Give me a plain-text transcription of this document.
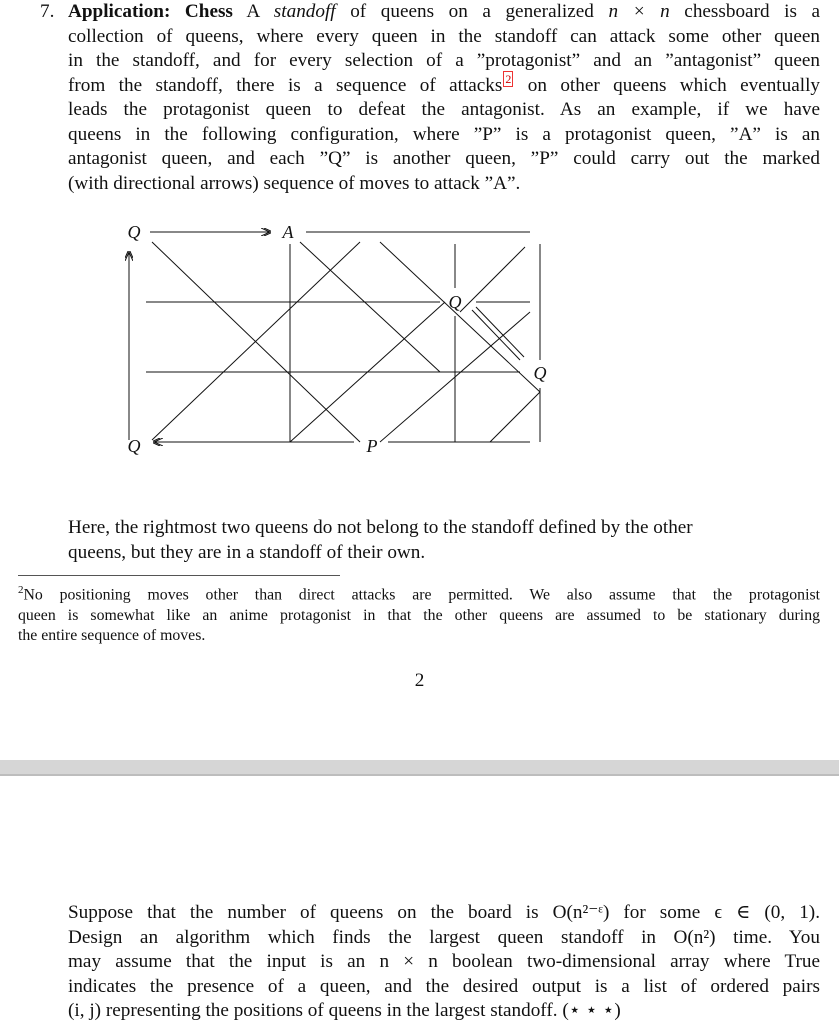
7. Application: Chess A standoff of queens on a generalized n × n chessboard is a
collection of queens, where every queen in the standoff can attack some other queen
in the standoff, and for every selection of a ”protagonist” and an ”antagonist” queen
from the standoff, there is a sequence of attacks $^2$ on other queens which eventually
leads the protagonist queen to defeat the antagonist. As an example, if we have
queens in the following configuration, where ”P” is a protagonist queen, ”A” is an
antagonist queen, and each ”Q” is another queen, ”P” could carry out the marked
(with directional arrows) sequence of moves to attack ”A”.
Q	A
Q
Q
Q	P
Here, the rightmost two queens do not belong to the standoff defined by the other
queens, but they are in a standoff of their own.
$^2$No positioning moves other than direct attacks are permitted. We also assume that the protagonist
queen is somewhat like an anime protagonist in that the other queens are assumed to be stationary during
the entire sequence of moves.
2
Suppose that the number of queens on the board is O(n²⁻ᵋ) for some ϵ ∈ (0, 1).
Design an algorithm which finds the largest queen standoff in O(n²) time. You
may assume that the input is an n × n boolean two-dimensional array where True
indicates the presence of a queen, and the desired output is a list of ordered pairs
(i, j) representing the positions of queens in the largest standoff. (⋆ ⋆ ⋆)
